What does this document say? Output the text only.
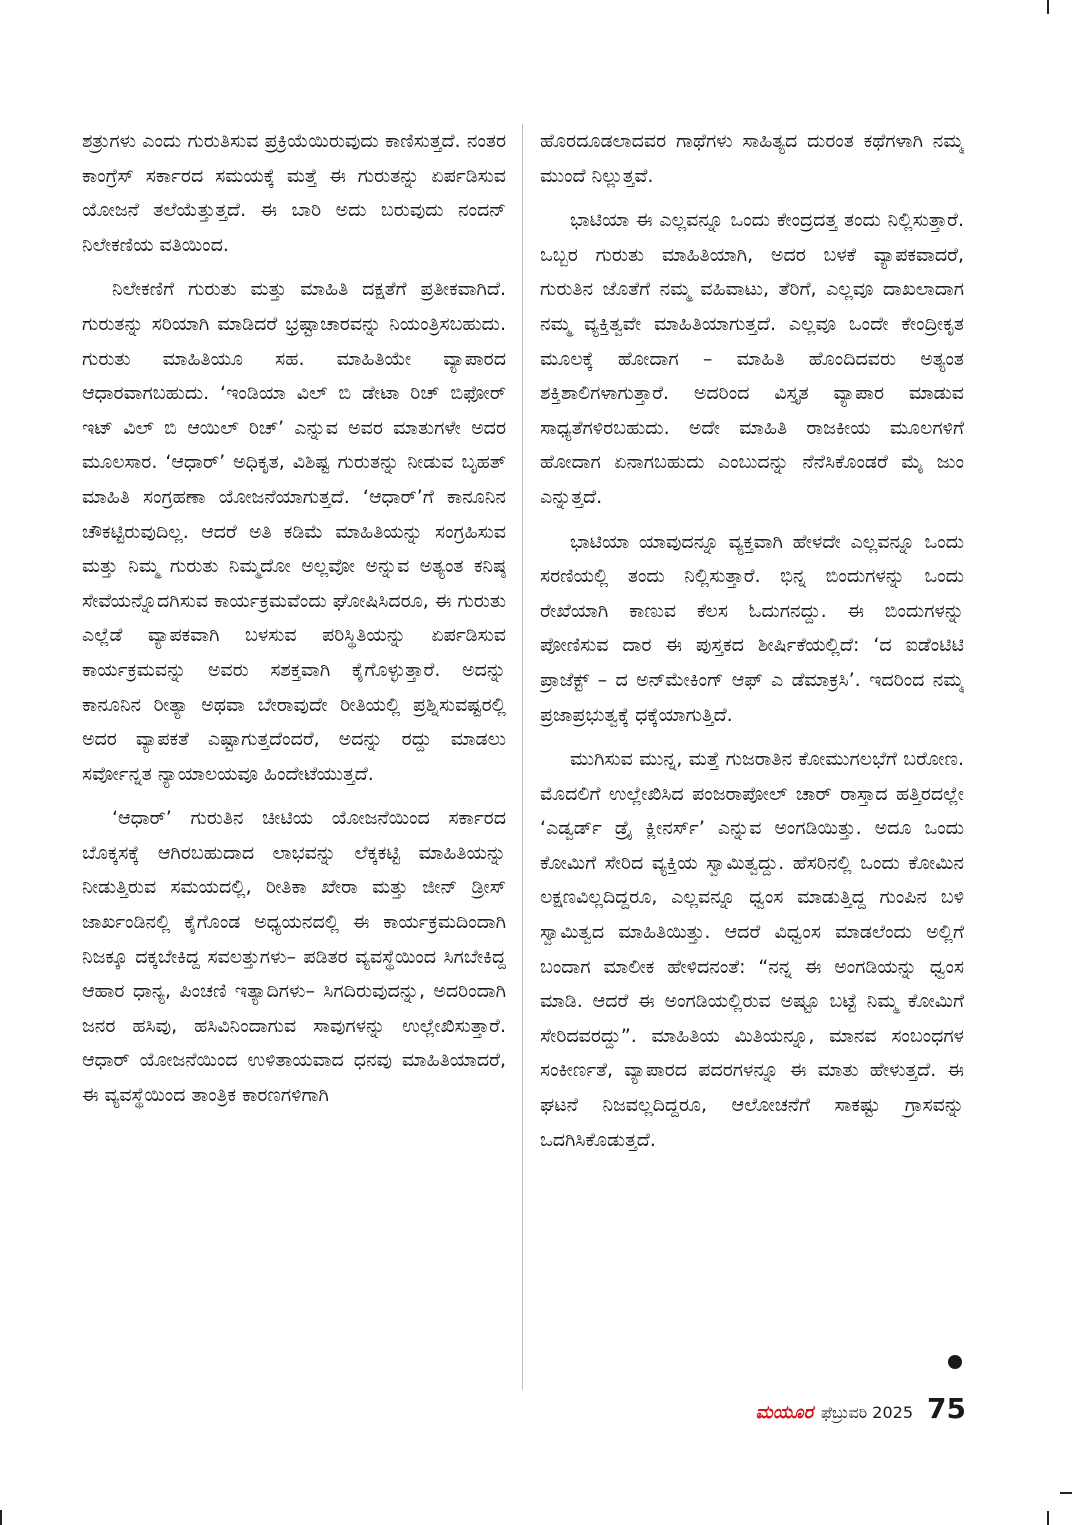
ಶತ್ರುಗಳು ಎಂದು ಗುರುತಿಸುವ ಪ್ರಕ್ರಿಯೆಯಿರುವುದು ಕಾಣಿಸುತ್ತದೆ. ನಂತರ ಕಾಂಗ್ರೆಸ್ ಸರ್ಕಾರದ ಸಮಯಕ್ಕೆ ಮತ್ತೆ ಈ ಗುರುತನ್ನು ಏರ್ಪಡಿಸುವ ಯೋಜನೆ ತಲೆಯೆತ್ತುತ್ತದೆ. ಈ ಬಾರಿ ಅದು ಬರುವುದು ನಂದನ್ ನಿಲೇಕಣಿಯ ವತಿಯಿಂದ.

ನಿಲೇಕಣಿಗೆ ಗುರುತು ಮತ್ತು ಮಾಹಿತಿ ದಕ್ಷತೆಗೆ ಪ್ರತೀಕವಾಗಿದೆ. ಗುರುತನ್ನು ಸರಿಯಾಗಿ ಮಾಡಿದರೆ ಭ್ರಷ್ಟಾಚಾರವನ್ನು ನಿಯಂತ್ರಿಸಬಹುದು. ಗುರುತು ಮಾಹಿತಿಯೂ ಸಹ. ಮಾಹಿತಿಯೇ ವ್ಯಾಪಾರದ ಆಧಾರವಾಗಬಹುದು. ‘ಇಂಡಿಯಾ ವಿಲ್ ಬಿ ಡೇಟಾ ರಿಚ್ ಬಿಫೋರ್ ಇಟ್ ವಿಲ್ ಬಿ ಆಯಿಲ್ ರಿಚ್’ ಎನ್ನುವ ಅವರ ಮಾತುಗಳೇ ಅದರ ಮೂಲಸಾರ. ‘ಆಧಾರ್’ ಅಧಿಕೃತ, ವಿಶಿಷ್ಟ ಗುರುತನ್ನು ನೀಡುವ ಬೃಹತ್ ಮಾಹಿತಿ ಸಂಗ್ರಹಣಾ ಯೋಜನೆಯಾಗುತ್ತದೆ. ‘ಆಧಾರ್’ಗೆ ಕಾನೂನಿನ ಚೌಕಟ್ಟಿರುವುದಿಲ್ಲ. ಆದರೆ ಅತಿ ಕಡಿಮೆ ಮಾಹಿತಿಯನ್ನು ಸಂಗ್ರಹಿಸುವ ಮತ್ತು ನಿಮ್ಮ ಗುರುತು ನಿಮ್ಮದೋ ಅಲ್ಲವೋ ಅನ್ನುವ ಅತ್ಯಂತ ಕನಿಷ್ಠ ಸೇವೆಯನ್ನೊದಗಿಸುವ ಕಾರ್ಯಕ್ರಮವೆಂದು ಘೋಷಿಸಿದರೂ, ಈ ಗುರುತು ಎಲ್ಲೆಡೆ ವ್ಯಾಪಕವಾಗಿ ಬಳಸುವ ಪರಿಸ್ಥಿತಿಯನ್ನು ಏರ್ಪಡಿಸುವ ಕಾರ್ಯಕ್ರಮವನ್ನು ಅವರು ಸಶಕ್ತವಾಗಿ ಕೈಗೊಳ್ಳುತ್ತಾರೆ. ಅದನ್ನು ಕಾನೂನಿನ ರೀತ್ಯಾ ಅಥವಾ ಬೇರಾವುದೇ ರೀತಿಯಲ್ಲಿ ಪ್ರಶ್ನಿಸುವಷ್ಟರಲ್ಲಿ ಅದರ ವ್ಯಾಪಕತೆ ಎಷ್ಟಾಗುತ್ತದೆಂದರೆ, ಅದನ್ನು ರದ್ದು ಮಾಡಲು ಸರ್ವೋನ್ನತ ನ್ಯಾಯಾಲಯವೂ ಹಿಂದೇಟೆಯುತ್ತದೆ.

‘ಆಧಾರ್’ ಗುರುತಿನ ಚೀಟಿಯ ಯೋಜನೆಯಿಂದ ಸರ್ಕಾರದ ಬೊಕ್ಕಸಕ್ಕೆ ಆಗಿರಬಹುದಾದ ಲಾಭವನ್ನು ಲೆಕ್ಕಕಟ್ಟಿ ಮಾಹಿತಿಯನ್ನು ನೀಡುತ್ತಿರುವ ಸಮಯದಲ್ಲಿ, ರೀತಿಕಾ ಖೇರಾ ಮತ್ತು ಜೀನ್ ಡ್ರೀಸ್ ಜಾರ್ಖಂಡಿನಲ್ಲಿ ಕೈಗೊಂಡ ಅಧ್ಯಯನದಲ್ಲಿ ಈ ಕಾರ್ಯಕ್ರಮದಿಂದಾಗಿ ನಿಜಕ್ಕೂ ದಕ್ಕಬೇಕಿದ್ದ ಸವಲತ್ತುಗಳು– ಪಡಿತರ ವ್ಯವಸ್ಥೆಯಿಂದ ಸಿಗಬೇಕಿದ್ದ ಆಹಾರ ಧಾನ್ಯ, ಪಿಂಚಣಿ ಇತ್ಯಾದಿಗಳು– ಸಿಗದಿರುವುದನ್ನು, ಅದರಿಂದಾಗಿ ಜನರ ಹಸಿವು, ಹಸಿವಿನಿಂದಾಗುವ ಸಾವುಗಳನ್ನು ಉಲ್ಲೇಖಿಸುತ್ತಾರೆ. ಆಧಾರ್ ಯೋಜನೆಯಿಂದ ಉಳಿತಾಯವಾದ ಧನವು ಮಾಹಿತಿಯಾದರೆ, ಈ ವ್ಯವಸ್ಥೆಯಿಂದ ತಾಂತ್ರಿಕ ಕಾರಣಗಳಿಗಾಗಿ

ಹೊರದೂಡಲಾದವರ ಗಾಥೆಗಳು ಸಾಹಿತ್ಯದ ದುರಂತ ಕಥೆಗಳಾಗಿ ನಮ್ಮ ಮುಂದೆ ನಿಲ್ಲುತ್ತವೆ.

ಭಾಟಿಯಾ ಈ ಎಲ್ಲವನ್ನೂ ಒಂದು ಕೇಂದ್ರದತ್ತ ತಂದು ನಿಲ್ಲಿಸುತ್ತಾರೆ. ಒಬ್ಬರ ಗುರುತು ಮಾಹಿತಿಯಾಗಿ, ಅದರ ಬಳಕೆ ವ್ಯಾಪಕವಾದರೆ, ಗುರುತಿನ ಜೊತೆಗೆ ನಮ್ಮ ವಹಿವಾಟು, ತೆರಿಗೆ, ಎಲ್ಲವೂ ದಾಖಲಾದಾಗ ನಮ್ಮ ವ್ಯಕ್ತಿತ್ವವೇ ಮಾಹಿತಿಯಾಗುತ್ತದೆ. ಎಲ್ಲವೂ ಒಂದೇ ಕೇಂದ್ರೀಕೃತ ಮೂಲಕ್ಕೆ ಹೋದಾಗ – ಮಾಹಿತಿ ಹೊಂದಿದವರು ಅತ್ಯಂತ ಶಕ್ತಿಶಾಲಿಗಳಾಗುತ್ತಾರೆ. ಅದರಿಂದ ವಿಸ್ತೃತ ವ್ಯಾಪಾರ ಮಾಡುವ ಸಾಧ್ಯತೆಗಳಿರಬಹುದು. ಅದೇ ಮಾಹಿತಿ ರಾಜಕೀಯ ಮೂಲಗಳಿಗೆ ಹೋದಾಗ ಏನಾಗಬಹುದು ಎಂಬುದನ್ನು ನೆನೆಸಿಕೊಂಡರೆ ಮೈ ಜುಂ ಎನ್ನುತ್ತದೆ.

ಭಾಟಿಯಾ ಯಾವುದನ್ನೂ ವ್ಯಕ್ತವಾಗಿ ಹೇಳದೇ ಎಲ್ಲವನ್ನೂ ಒಂದು ಸರಣಿಯಲ್ಲಿ ತಂದು ನಿಲ್ಲಿಸುತ್ತಾರೆ. ಭಿನ್ನ ಬಿಂದುಗಳನ್ನು ಒಂದು ರೇಖೆಯಾಗಿ ಕಾಣುವ ಕೆಲಸ ಓದುಗನದ್ದು. ಈ ಬಿಂದುಗಳನ್ನು ಪೋಣಿಸುವ ದಾರ ಈ ಪುಸ್ತಕದ ಶೀರ್ಷಿಕೆಯಲ್ಲಿದೆ: ‘ದ ಐಡೆಂಟಿಟಿ ಪ್ರಾಜೆಕ್ಟ್ – ದ ಅನ್‌ಮೇಕಿಂಗ್ ಆಫ್ ಎ ಡೆಮಾಕ್ರಸಿ’. ಇದರಿಂದ ನಮ್ಮ ಪ್ರಜಾಪ್ರಭುತ್ವಕ್ಕೆ ಧಕ್ಕೆಯಾಗುತ್ತಿದೆ.

ಮುಗಿಸುವ ಮುನ್ನ, ಮತ್ತೆ ಗುಜರಾತಿನ ಕೋಮುಗಲಭೆಗೆ ಬರೋಣ. ಮೊದಲಿಗೆ ಉಲ್ಲೇಖಿಸಿದ ಪಂಜರಾಪೋಲ್ ಚಾರ್ ರಾಸ್ತಾದ ಹತ್ತಿರದಲ್ಲೇ ‘ಎಡ್ವರ್ಡ್ ಡ್ರೈ ಕ್ಲೀನರ್ಸ್’ ಎನ್ನುವ ಅಂಗಡಿಯಿತ್ತು. ಅದೂ ಒಂದು ಕೋಮಿಗೆ ಸೇರಿದ ವ್ಯಕ್ತಿಯ ಸ್ವಾಮಿತ್ವದ್ದು. ಹೆಸರಿನಲ್ಲಿ ಒಂದು ಕೋಮಿನ ಲಕ್ಷಣವಿಲ್ಲದಿದ್ದರೂ, ಎಲ್ಲವನ್ನೂ ಧ್ವಂಸ ಮಾಡುತ್ತಿದ್ದ ಗುಂಪಿನ ಬಳಿ ಸ್ವಾಮಿತ್ವದ ಮಾಹಿತಿಯಿತ್ತು. ಆದರೆ ವಿಧ್ವಂಸ ಮಾಡಲೆಂದು ಅಲ್ಲಿಗೆ ಬಂದಾಗ ಮಾಲೀಕ ಹೇಳಿದನಂತೆ: “ನನ್ನ ಈ ಅಂಗಡಿಯನ್ನು ಧ್ವಂಸ ಮಾಡಿ. ಆದರೆ ಈ ಅಂಗಡಿಯಲ್ಲಿರುವ ಅಷ್ಟೂ ಬಟ್ಟೆ ನಿಮ್ಮ ಕೋಮಿಗೆ ಸೇರಿದವರದ್ದು”. ಮಾಹಿತಿಯ ಮಿತಿಯನ್ನೂ, ಮಾನವ ಸಂಬಂಧಗಳ ಸಂಕೀರ್ಣತೆ, ವ್ಯಾಪಾರದ ಪದರಗಳನ್ನೂ ಈ ಮಾತು ಹೇಳುತ್ತದೆ. ಈ ಘಟನೆ ನಿಜವಲ್ಲದಿದ್ದರೂ, ಆಲೋಚನೆಗೆ ಸಾಕಷ್ಟು ಗ್ರಾಸವನ್ನು ಒದಗಿಸಿಕೊಡುತ್ತದೆ.

ಮಯೂರ ಫೆಬ್ರುವರಿ 2025 75
